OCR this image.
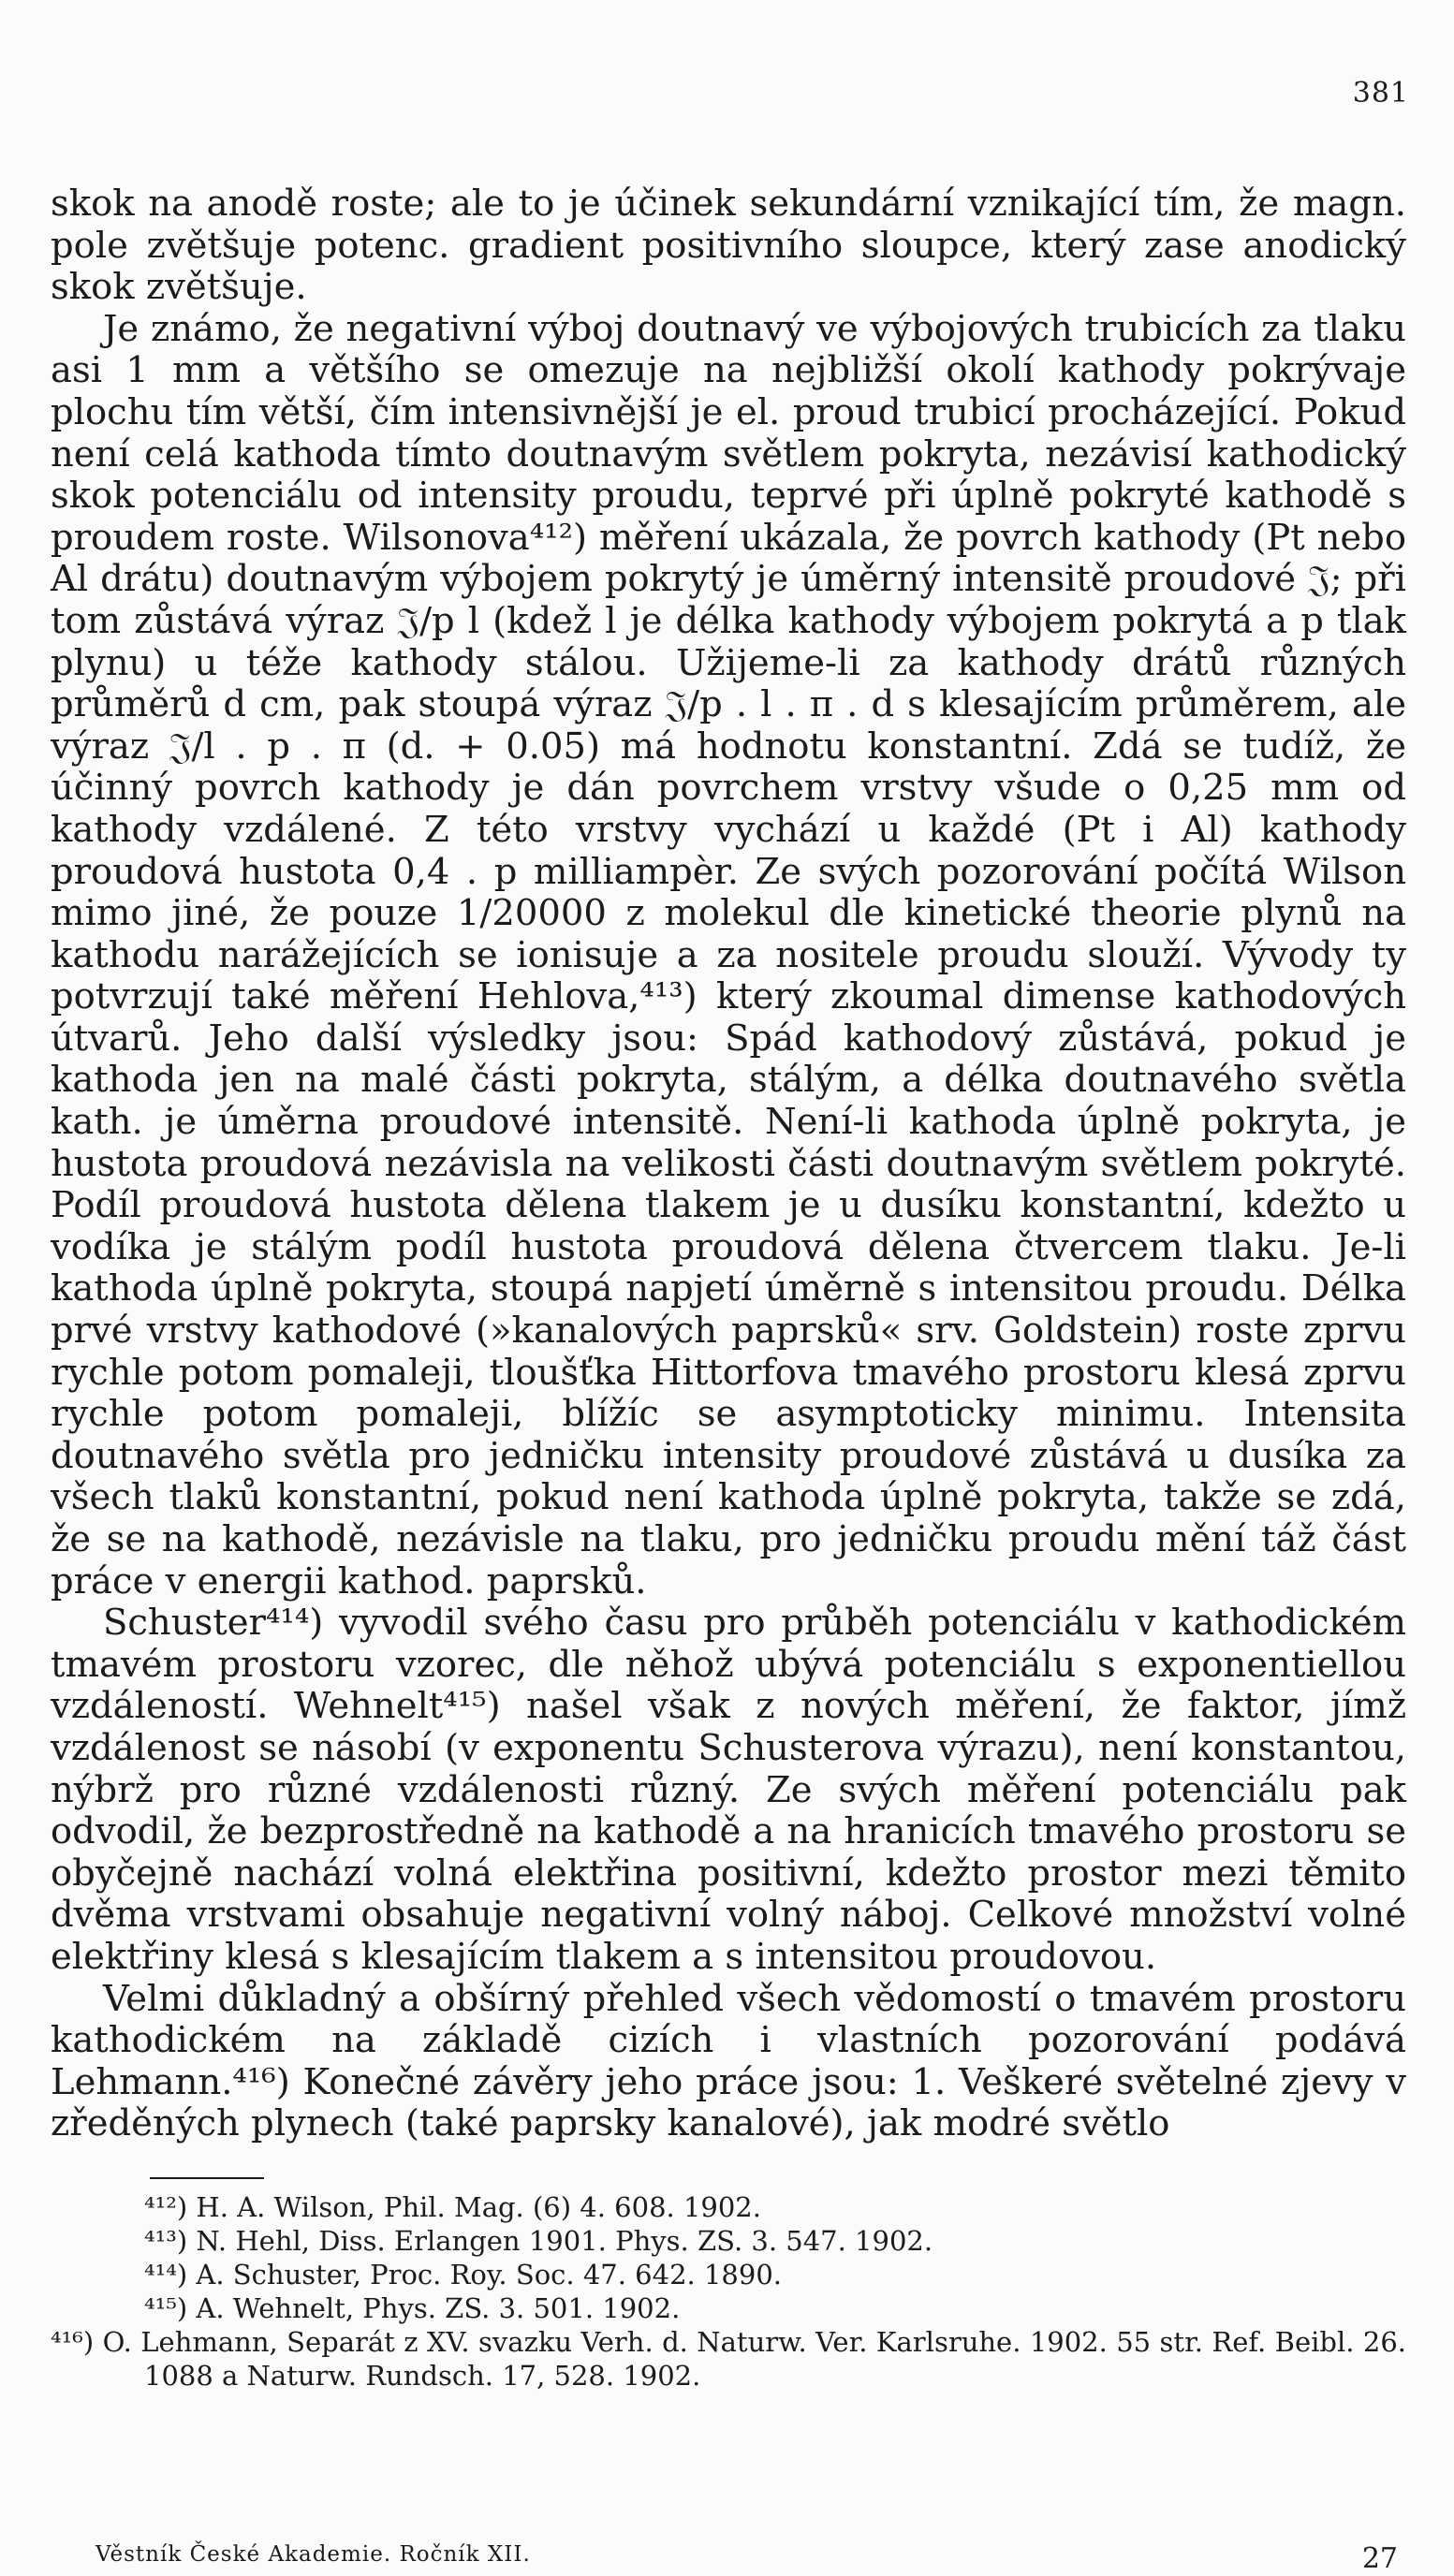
381

skok na anodě roste; ale to je účinek sekundární vznikající tím, že magn. pole zvětšuje potenc. gradient positivního sloupce, který zase anodický skok zvětšuje.

Je známo, že negativní výboj doutnavý ve výbojových trubicích za tlaku asi 1 mm a většího se omezuje na nejbližší okolí kathody pokrývaje plochu tím větší, čím intensivnější je el. proud trubicí procházející. Pokud není celá kathoda tímto doutnavým světlem pokryta, nezávisí kathodický skok potenciálu od intensity proudu, teprvé při úplně pokryté kathodě s proudem roste. Wilsonova⁴¹²) měření ukázala, že povrch kathody (Pt nebo Al drátu) doutnavým výbojem pokrytý je úměrný intensitě proudové 𝔍; při tom zůstává výraz 𝔍/p l (kdež l je délka kathody výbojem pokrytá a p tlak plynu) u téže kathody stálou. Užijeme-li za kathody drátů různých průměrů d cm, pak stoupá výraz 𝔍/p . l . π . d s klesajícím průměrem, ale výraz 𝔍/l . p . π (d. + 0.05) má hodnotu konstantní. Zdá se tudíž, že účinný povrch kathody je dán povrchem vrstvy všude o 0,25 mm od kathody vzdálené. Z této vrstvy vychází u každé (Pt i Al) kathody proudová hustota 0,4 . p milliampèr. Ze svých pozorování počítá Wilson mimo jiné, že pouze 1/20000 z molekul dle kinetické theorie plynů na kathodu narážejících se ionisuje a za nositele proudu slouží. Vývody ty potvrzují také měření Hehlova,⁴¹³) který zkoumal dimense kathodových útvarů. Jeho další výsledky jsou: Spád kathodový zůstává, pokud je kathoda jen na malé části pokryta, stálým, a délka doutnavého světla kath. je úměrna proudové intensitě. Není-li kathoda úplně pokryta, je hustota proudová nezávisla na velikosti části doutnavým světlem pokryté. Podíl proudová hustota dělena tlakem je u dusíku konstantní, kdežto u vodíka je stálým podíl hustota proudová dělena čtvercem tlaku. Je-li kathoda úplně pokryta, stoupá napjetí úměrně s intensitou proudu. Délka prvé vrstvy kathodové (»kanalových paprsků« srv. Goldstein) roste zprvu rychle potom pomaleji, tloušťka Hittorfova tmavého prostoru klesá zprvu rychle potom pomaleji, blížíc se asymptoticky minimu. Intensita doutnavého světla pro jedničku intensity proudové zůstává u dusíka za všech tlaků konstantní, pokud není kathoda úplně pokryta, takže se zdá, že se na kathodě, nezávisle na tlaku, pro jedničku proudu mění táž část práce v energii kathod. paprsků.

Schuster⁴¹⁴) vyvodil svého času pro průběh potenciálu v kathodickém tmavém prostoru vzorec, dle něhož ubývá potenciálu s exponentiellou vzdáleností. Wehnelt⁴¹⁵) našel však z nových měření, že faktor, jímž vzdálenost se násobí (v exponentu Schusterova výrazu), není konstantou, nýbrž pro různé vzdálenosti různý. Ze svých měření potenciálu pak odvodil, že bezprostředně na kathodě a na hranicích tmavého prostoru se obyčejně nachází volná elektřina positivní, kdežto prostor mezi těmito dvěma vrstvami obsahuje negativní volný náboj. Celkové množství volné elektřiny klesá s klesajícím tlakem a s intensitou proudovou.

Velmi důkladný a obšírný přehled všech vědomostí o tmavém prostoru kathodickém na základě cizích i vlastních pozorování podává Lehmann.⁴¹⁶) Konečné závěry jeho práce jsou: 1. Veškeré světelné zjevy v zředěných plynech (také paprsky kanalové), jak modré světlo

⁴¹²) H. A. Wilson, Phil. Mag. (6) 4. 608. 1902.
⁴¹³) N. Hehl, Diss. Erlangen 1901. Phys. ZS. 3. 547. 1902.
⁴¹⁴) A. Schuster, Proc. Roy. Soc. 47. 642. 1890.
⁴¹⁵) A. Wehnelt, Phys. ZS. 3. 501. 1902.
⁴¹⁶) O. Lehmann, Separát z XV. svazku Verh. d. Naturw. Ver. Karlsruhe. 1902. 55 str. Ref. Beibl. 26. 1088 a Naturw. Rundsch. 17, 528. 1902.
Věstník České Akademie. Ročník XII.	27
